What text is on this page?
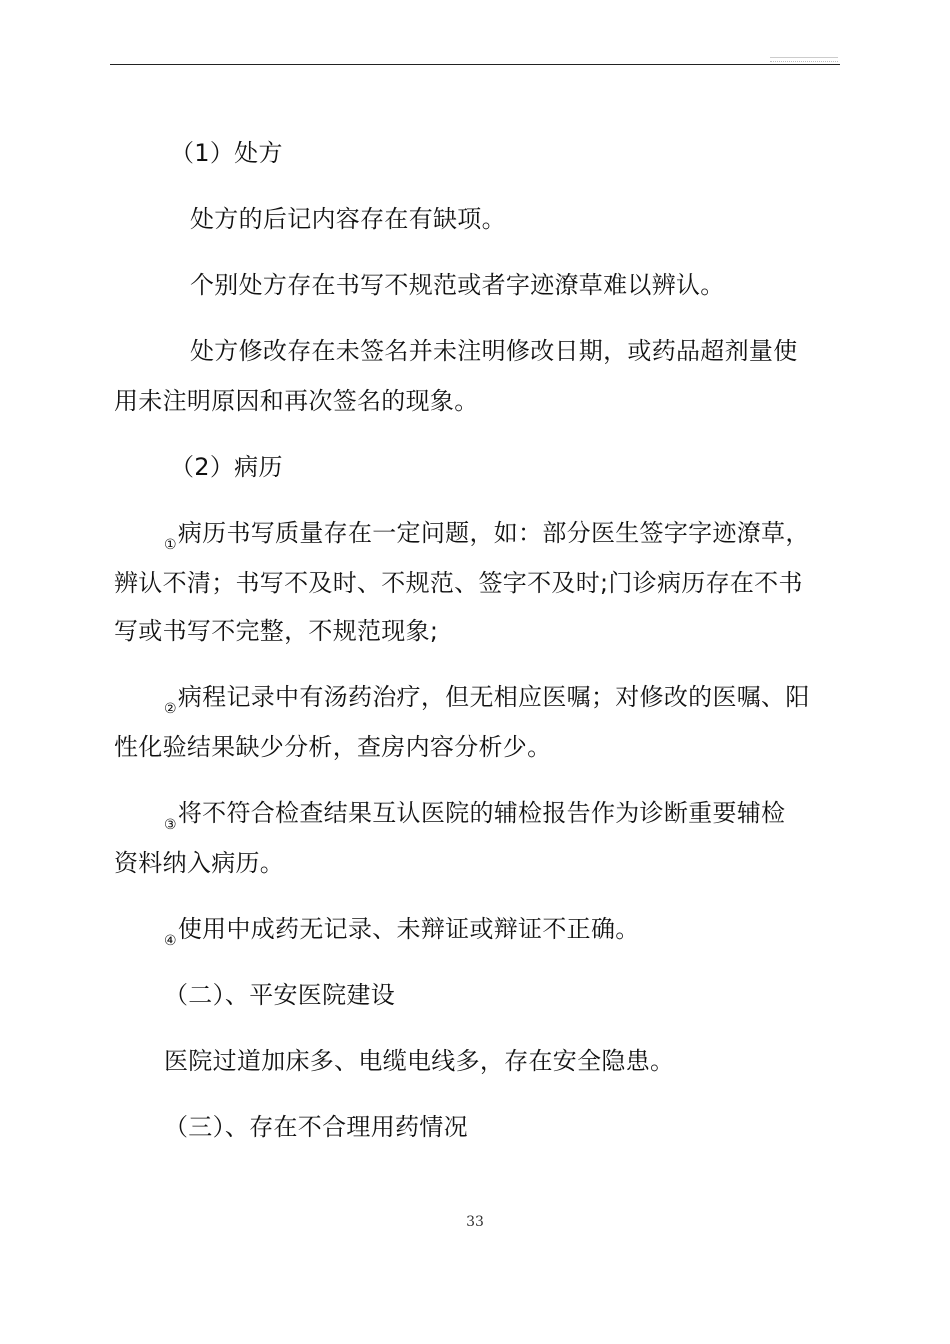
（1）处方
处方的后记内容存在有缺项。
个别处方存在书写不规范或者字迹潦草难以辨认。
处方修改存在未签名并未注明修改日期，或药品超剂量使
用未注明原因和再次签名的现象。
（2）病历
①病历书写质量存在一定问题，如：部分医生签字字迹潦草，
辨认不清；书写不及时、不规范、签字不及时;门诊病历存在不书
写或书写不完整，不规范现象;
②病程记录中有汤药治疗，但无相应医嘱；对修改的医嘱、阳
性化验结果缺少分析，查房内容分析少。
③将不符合检查结果互认医院的辅检报告作为诊断重要辅检
资料纳入病历。
④使用中成药无记录、未辩证或辩证不正确。
（二）、平安医院建设
医院过道加床多、电缆电线多，存在安全隐患。
（三）、存在不合理用药情况
33
